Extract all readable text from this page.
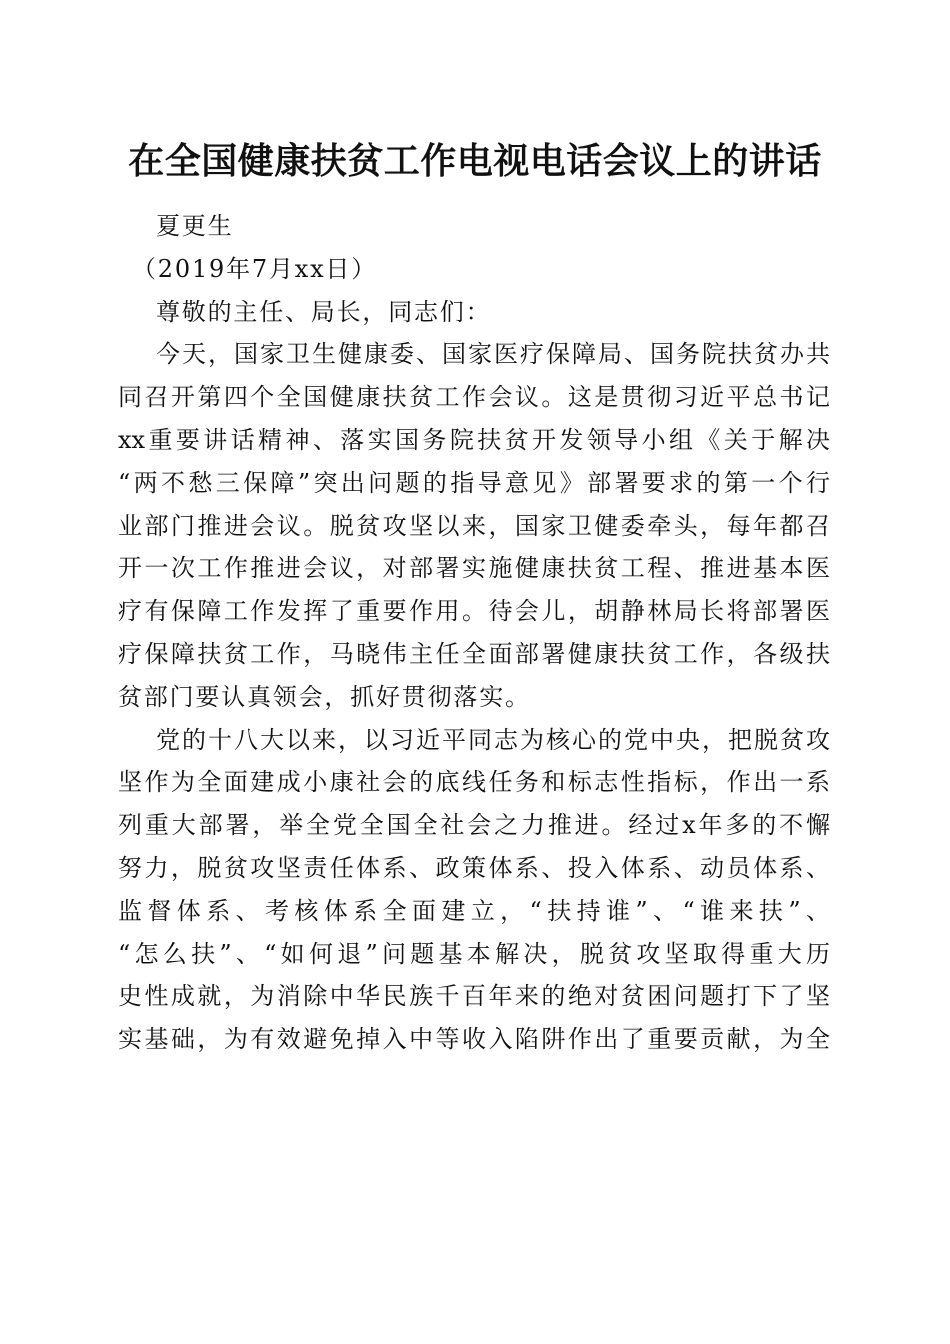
在全国健康扶贫工作电视电话会议上的讲话
夏更生
（2019年7月xx日）
尊敬的主任、局长，同志们：
今天，国家卫生健康委、国家医疗保障局、国务院扶贫办共
同召开第四个全国健康扶贫工作会议。这是贯彻习近平总书记
xx重要讲话精神、落实国务院扶贫开发领导小组《关于解决
“两不愁三保障”突出问题的指导意见》部署要求的第一个行
业部门推进会议。脱贫攻坚以来，国家卫健委牵头，每年都召
开一次工作推进会议，对部署实施健康扶贫工程、推进基本医
疗有保障工作发挥了重要作用。待会儿，胡静林局长将部署医
疗保障扶贫工作，马晓伟主任全面部署健康扶贫工作，各级扶
贫部门要认真领会，抓好贯彻落实。
党的十八大以来，以习近平同志为核心的党中央，把脱贫攻
坚作为全面建成小康社会的底线任务和标志性指标，作出一系
列重大部署，举全党全国全社会之力推进。经过x年多的不懈
努力，脱贫攻坚责任体系、政策体系、投入体系、动员体系、
监督体系、考核体系全面建立，“扶持谁”、“谁来扶”、
“怎么扶”、“如何退”问题基本解决，脱贫攻坚取得重大历
史性成就，为消除中华民族千百年来的绝对贫困问题打下了坚
实基础，为有效避免掉入中等收入陷阱作出了重要贡献，为全
